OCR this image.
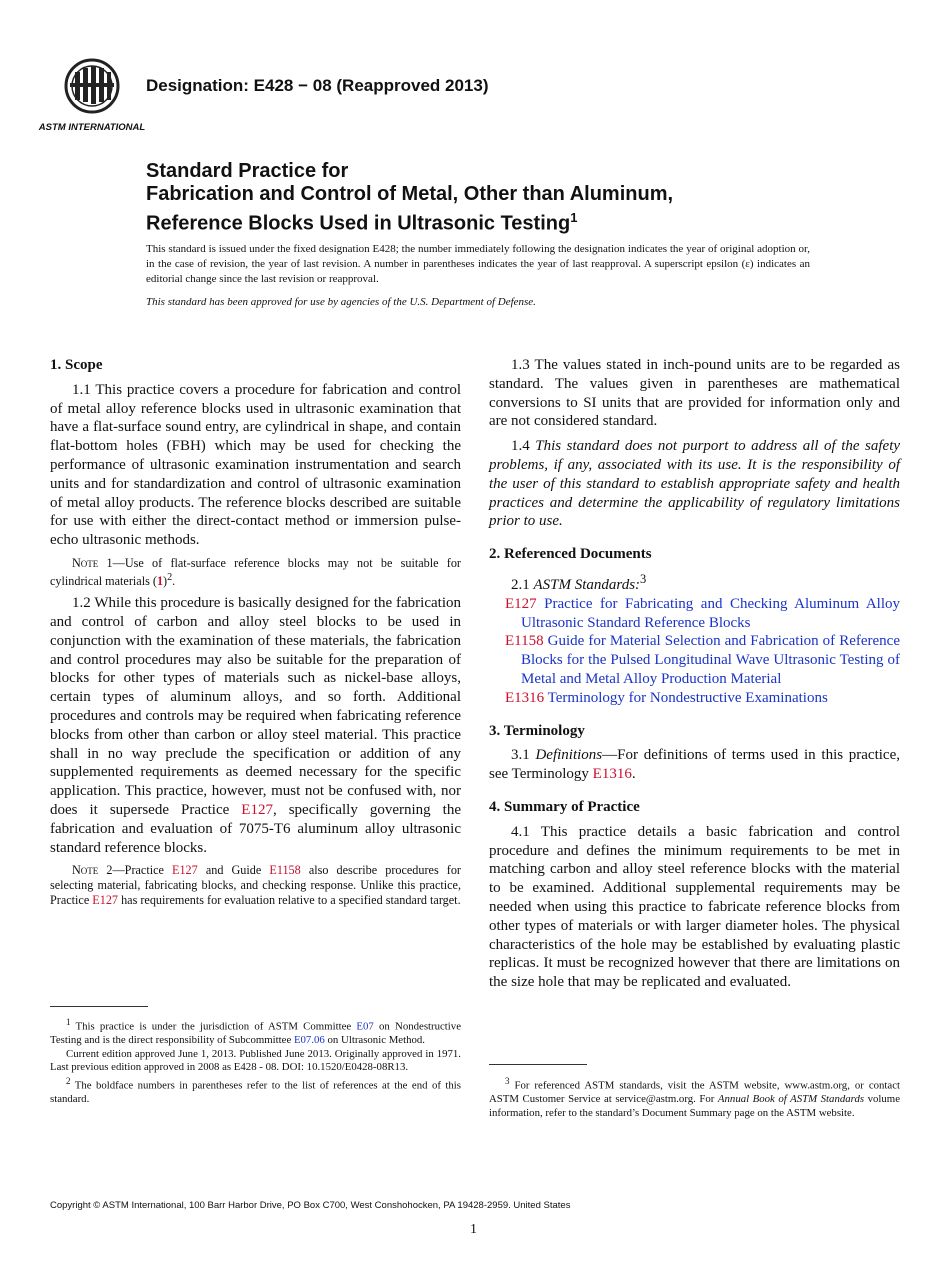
ASTM INTERNATIONAL
Designation: E428 − 08 (Reapproved 2013)
Standard Practice for
Fabrication and Control of Metal, Other than Aluminum,
Reference Blocks Used in Ultrasonic Testing$^1$

This standard is issued under the fixed designation E428; the number immediately following the designation indicates the year of original adoption or, in the case of revision, the year of last revision. A number in parentheses indicates the year of last reapproval. A superscript epsilon (ε) indicates an editorial change since the last revision or reapproval.

This standard has been approved for use by agencies of the U.S. Department of Defense.

1. Scope

1.1 This practice covers a procedure for fabrication and control of metal alloy reference blocks used in ultrasonic examination that have a flat-surface sound entry, are cylindrical in shape, and contain flat-bottom holes (FBH) which may be used for checking the performance of ultrasonic examination instrumentation and search units and for standardization and control of ultrasonic examination of metal alloy products. The reference blocks described are suitable for use with either the direct-contact method or immersion pulse-echo ultrasonic methods.

Note 1—Use of flat-surface reference blocks may not be suitable for cylindrical materials $(1)^2$.

1.2 While this procedure is basically designed for the fabrication and control of carbon and alloy steel blocks to be used in conjunction with the examination of these materials, the fabrication and control procedures may also be suitable for the preparation of blocks for other types of materials such as nickel-base alloys, certain types of aluminum alloys, and so forth. Additional procedures and controls may be required when fabricating reference blocks from other than carbon or alloy steel material. This practice shall in no way preclude the specification or addition of any supplemented requirements as deemed necessary for the specific application. This practice, however, must not be confused with, nor does it supersede Practice E127, specifically governing the fabrication and evaluation of 7075-T6 aluminum alloy ultrasonic standard reference blocks.

Note 2—Practice E127 and Guide E1158 also describe procedures for selecting material, fabricating blocks, and checking response. Unlike this practice, Practice E127 has requirements for evaluation relative to a specified standard target.

$^1$ This practice is under the jurisdiction of ASTM Committee E07 on Nondestructive Testing and is the direct responsibility of Subcommittee E07.06 on Ultrasonic Method.

Current edition approved June 1, 2013. Published June 2013. Originally approved in 1971. Last previous edition approved in 2008 as E428 - 08. DOI: 10.1520/E0428-08R13.

$^2$ The boldface numbers in parentheses refer to the list of references at the end of this standard.

1.3 The values stated in inch-pound units are to be regarded as standard. The values given in parentheses are mathematical conversions to SI units that are provided for information only and are not considered standard.

1.4 This standard does not purport to address all of the safety problems, if any, associated with its use. It is the responsibility of the user of this standard to establish appropriate safety and health practices and determine the applicability of regulatory limitations prior to use.

2. Referenced Documents

2.1 ASTM Standards:$^3$

E127 Practice for Fabricating and Checking Aluminum Alloy Ultrasonic Standard Reference Blocks
E1158 Guide for Material Selection and Fabrication of Reference Blocks for the Pulsed Longitudinal Wave Ultrasonic Testing of Metal and Metal Alloy Production Material
E1316 Terminology for Nondestructive Examinations
3. Terminology

3.1 Definitions—For definitions of terms used in this practice, see Terminology E1316.

4. Summary of Practice

4.1 This practice details a basic fabrication and control procedure and defines the minimum requirements to be met in matching carbon and alloy steel reference blocks with the material to be examined. Additional supplemental requirements may be needed when using this practice to fabricate reference blocks from other types of materials or with larger diameter holes. The physical characteristics of the hole may be established by evaluating plastic replicas. It must be recognized however that there are limitations on the size hole that may be replicated and evaluated.

$^3$ For referenced ASTM standards, visit the ASTM website, www.astm.org, or contact ASTM Customer Service at service@astm.org. For Annual Book of ASTM Standards volume information, refer to the standard’s Document Summary page on the ASTM website.

Copyright © ASTM International, 100 Barr Harbor Drive, PO Box C700, West Conshohocken, PA 19428-2959. United States
1
